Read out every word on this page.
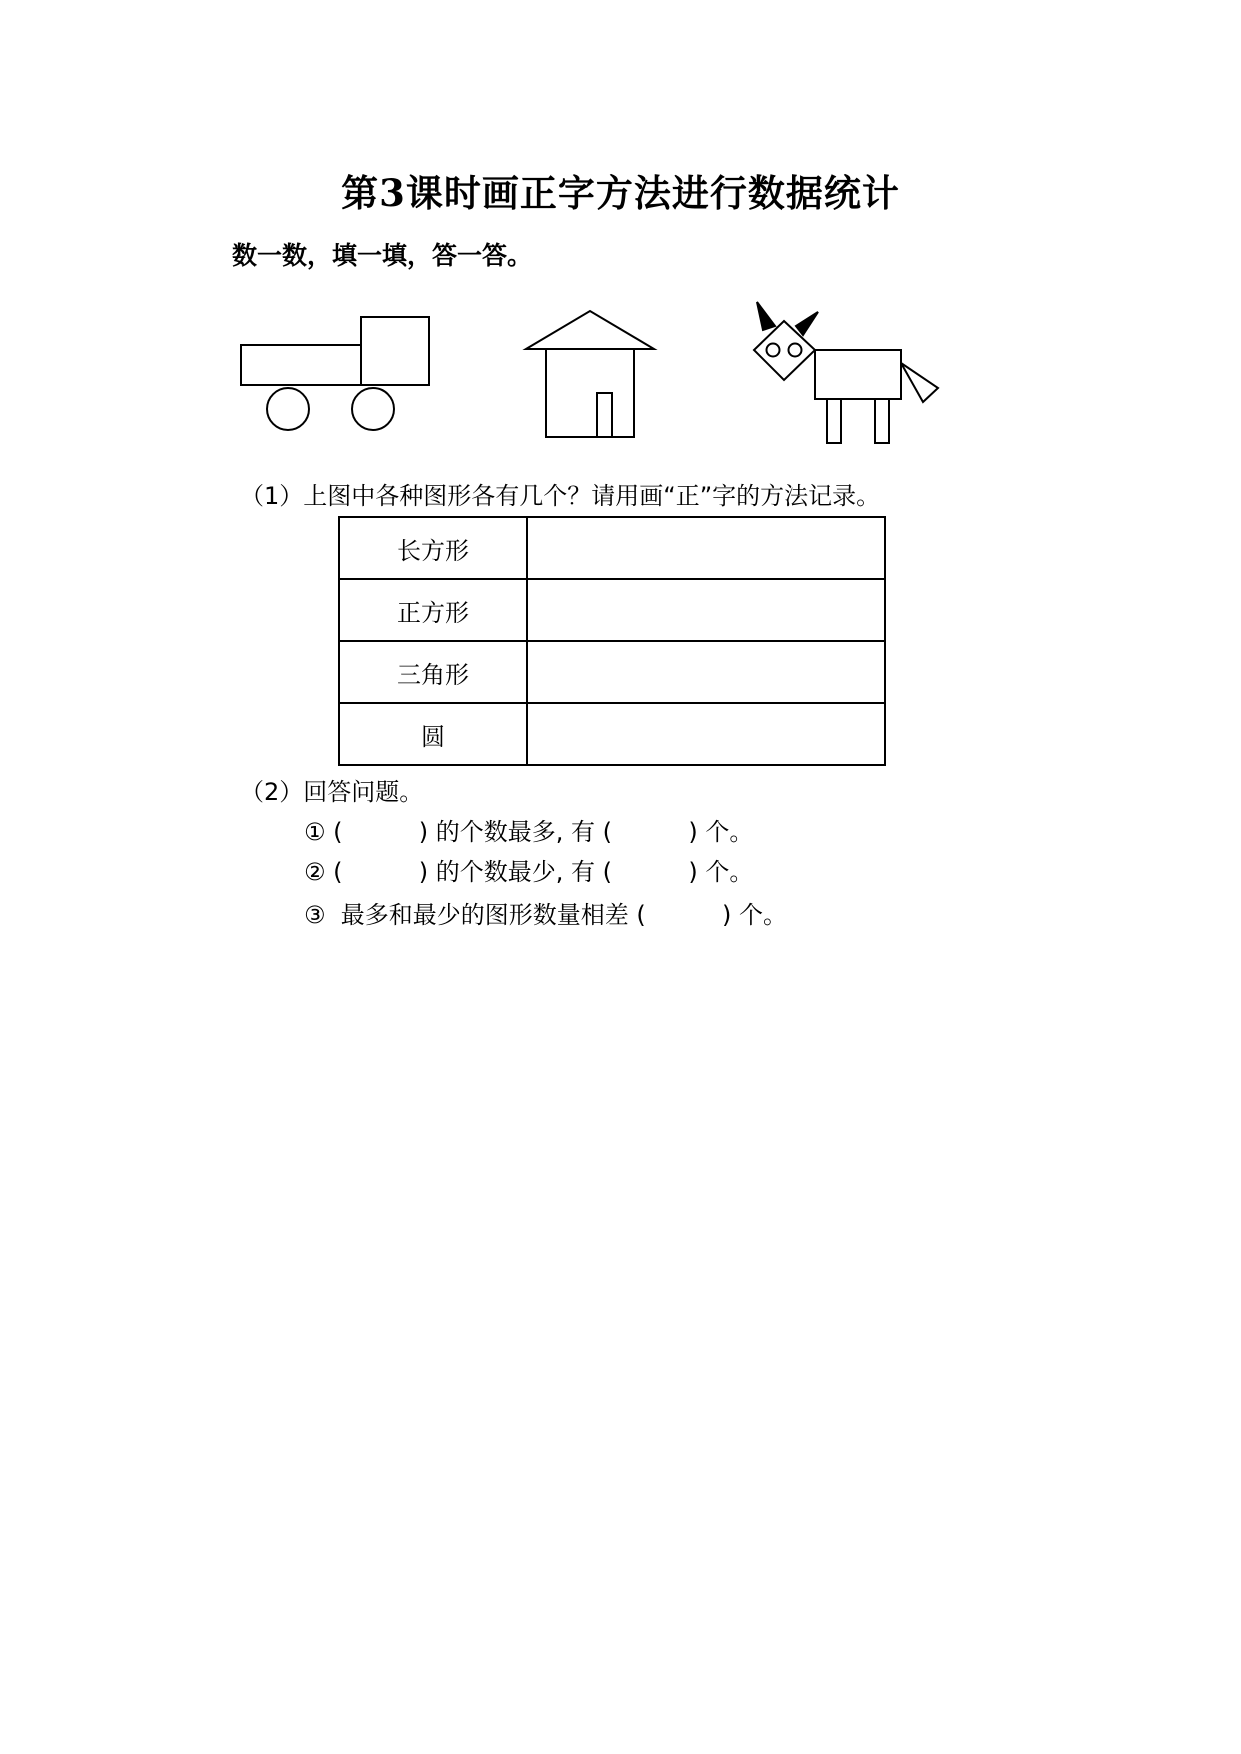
第3课时画正字方法进行数据统计
数一数，填一填，答一答。
（1）上图中各种图形各有几个？请用画“正”字的方法记录。
长方形	
正方形	
三角形	
圆	
（2）回答问题。
① (          ) 的个数最多, 有 (          ) 个。
② (          ) 的个数最少, 有 (          ) 个。
③  最多和最少的图形数量相差 (          ) 个。
